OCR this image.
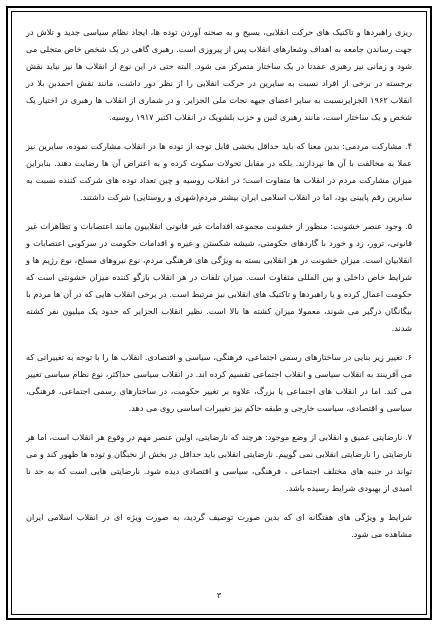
ریزی راهبردها و تاکتیک های حرکت انقلابی، بسیج و به صحنه آوردن توده ها، ایجاد نظام سیاسی جدید و تلاش در جهت رساندن جامعه به اهداف وشعارهای انقلاب پس از پیروزی است. رهبری گاهی در یک شخص خاص متجلی می شود و زمانی نیز رهبری عمدتا در یک ساختار متمرکز می شود. البته حتی در این نوع از انقلاب ها نیز نباید نقش برجسته در برخی از افراد نسبت به سایرین در حرکت انقلابی را از نظر دور داشت، مانند نقش احمدبن بلا در انقلاب ۱۹۶۲ الجزایرنسبت به سایر اعضای جبهه نجات ملی الجزایر. و در شماری از انقلاب ها رهبری در اختیار یک شخص و یک ساختار است، مانند رهبری لنین و حزب بلشویک در انقلاب اکتبر ۱۹۱۷ روسیه.

۴. مشارکت مردمی: بدین معنا که باید حداقل بخشی قابل توجه از توده ها در انقلاب مشارکت نموده، سایرین نیز عملا به مخالفت با آن ها نپردازند. بلکه در مقابل تحولات سکوت کرده و به اعتراض آن ها رضایت دهند. بنابراین میزان مشارکت مردم در انقلاب ها متفاوت است؛ در انقلاب روسیه و چین تعداد توده های شرکت کننده نسبت به سایرین رقم پایینی بود، اما در انقلاب اسلامی ایران بیشتر مردم(شهری و روستایی) شرکت داشتند.

۵. وجود عنصر خشونت: منظور از خشونت مجموعه اقدامات غیر قانونی انقلابیون مانند اعتصابات و تظاهرات غیر قانونی، ترور، زد و خورد با گاردهای حکومتی، شیشه شکستن و غیره و اقدامات حکومت در سرکوبی اعتصابات و انقلابیان است. میزان خشونت در هر انقلابی بسته به ویژگی های فرهنگی مردم، نوع نیروهای مسلح، نوع رژیم ها و شرایط خاص داخلی و بین المللی متفاوت است. میزان تلفات در هر انقلاب بازگو کننده میزان خشونتی است که حکومت اعمال کرده و یا راهبردها و تاکتیک های انقلابی نیز مرتبط است. در برخی انقلاب هایی که در آن ها مردم با بیگانگان درگیر می شوند، معمولا میزان کشته ها بالا است. نظیر انقلاب الجزایر که حدود یک میلیون نفر کشته شدند.

۶. تغییر زیر بنایی در ساختارهای رسمی اجتماعی، فرهنگی، سیاسی و اقتصادی. انقلاب ها را با توجه به تغییراتی که می آفرینند به انقلاب سیاسی و انقلاب اجتماعی تقسیم کرده اند. در انقلاب سیاسی حداکثر، نوع نظام سیاسی تغییر می کند. اما در انقلاب های اجتماعی یا بزرگ، علاوه بر تغییر حکومت، در ساختارهای رسمی اجتماعی، فرهنگی، سیاسی و اقتصادی، سیاست خارجی و طبقه حاکم نیز تغییرات اساسی روی می دهد.

۷. نارضایتی عمیق و انقلابی از وضع موجود: هرچند که نارضایتی، اولین عنصر مهم در وقوع هر انقلاب است، اما هر نارضایتی را نارضایتی انقلابی نمی گوییم. نارضایتی انقلابی باید حداقل در بخش از نخبگان و توده ها ظهور کند و می تواند در جنبه های مختلف اجتماعی ، فرهنگی، سیاسی و اقتصادی دیده شود. نارضایتی هایی است که به حد نا امیدی از بهبودی شرایط رسیده باشد.

شرایط و ویژگی های هفتگانه ای که بدین صورت توصیف گردید، به صورت ویژه ای در انقلاب اسلامی ایران مشاهده می شود.

۳
